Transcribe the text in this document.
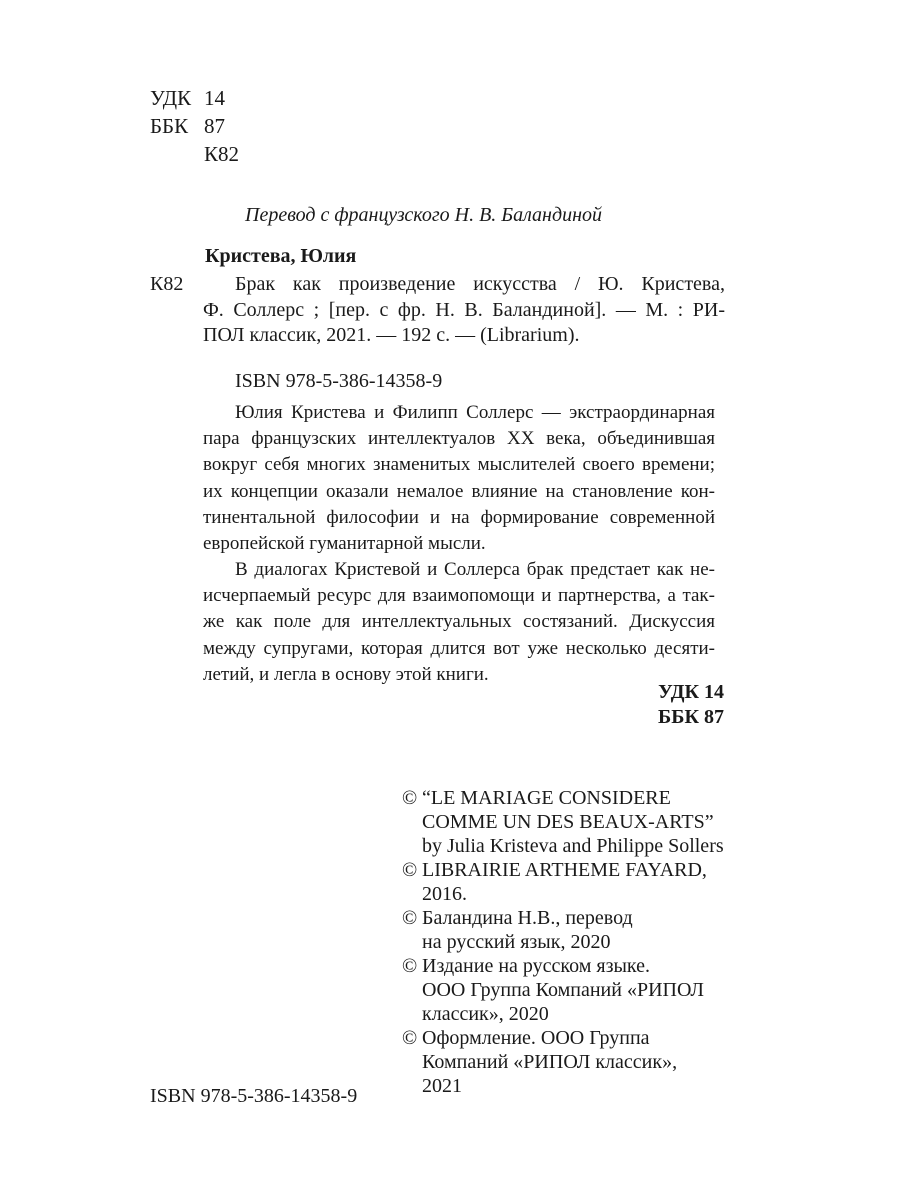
УДК 14
ББК 87
К82
Перевод с французского Н. В. Баландиной
Кристева, Юлия
К82	Брак как произведение искусства / Ю. Кристева,
Ф. Соллерс ; [пер. с фр. Н. В. Баландиной]. — М. : РИ-
ПОЛ классик, 2021. — 192 с. — (Librarium).
ISBN 978-5-386-14358-9
Юлия Кристева и Филипп Соллерс — экстраординарная
пара французских интеллектуалов XX века, объединившая
вокруг себя многих знаменитых мыслителей своего времени;
их концепции оказали немалое влияние на становление кон-
тинентальной философии и на формирование современной
европейской гуманитарной мысли.
В диалогах Кристевой и Соллерса брак предстает как не-
исчерпаемый ресурс для взаимопомощи и партнерства, а так-
же как поле для интеллектуальных состязаний. Дискуссия
между супругами, которая длится вот уже несколько десяти-
летий, и легла в основу этой книги.
УДК 14
ББК 87
© “LE MARIAGE CONSIDERE
COMME UN DES BEAUX-ARTS”
by Julia Kristeva and Philippe Sollers
© LIBRAIRIE ARTHEME FAYARD,
2016.
© Баландина Н.В., перевод
на русский язык, 2020
© Издание на русском языке.
ООО Группа Компаний «РИПОЛ
классик», 2020
© Оформление. ООО Группа
Компаний «РИПОЛ классик»,
2021
ISBN 978-5-386-14358-9
